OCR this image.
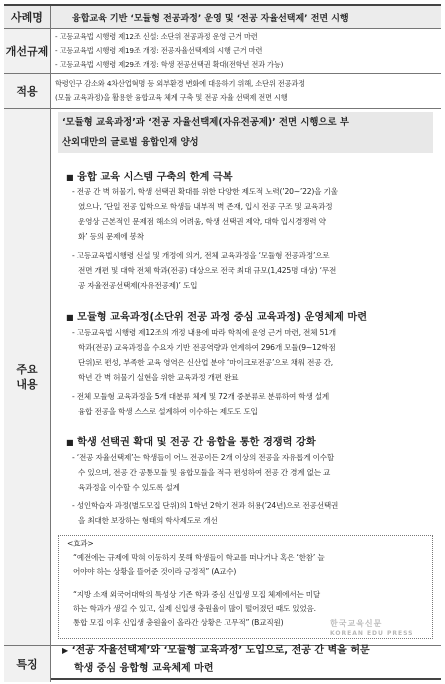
사례명	융합교육 기반 ‘모듈형 전공과정’ 운영 및 ‘전공 자율선택제’ 전면 시행
개선규제
- 고등교육법 시행령 제12조 신설: 소단위 전공과정 운영 근거 마련
- 고등교육법 시행령 제19조 개정: 전공자율선택제의 시행 근거 마련
- 고등교육법 시행령 제29조 개정: 학생 전공선택권 확대(전학년 전과 가능)
적용
학령인구 감소와 4차산업혁명 등 외부환경 변화에 대응하기 위해, 소단위 전공과정
(모듈 교육과정)을 활용한 융합교육 체계 구축 및 전공 자율 선택제 전면 시행
주요
내용
특징
‘모듈형 교육과정’과 ‘전공 자율선택제(자유전공제)’ 전면 시행으로 부
산외대만의 글로벌 융합인재 양성
■ 융합 교육 시스템 구축의 한계 극복
- 전공 간 벽 허물기, 학생 선택권 확대를 위한 다양한 제도적 노력(’20~’22)을 기울
였으나, ‘단일 전공 입학으로 학생들 내부적 벽 존재, 입시 전공 구조 및 교육과정
운영상 근본적인 문제점 해소의 어려움, 학생 선택권 제약, 대학 입시경쟁력 약
화’ 등의 문제에 봉착
- 고등교육법시행령 신설 및 개정에 의거, 전체 교육과정을 ‘모듈형 전공과정’으로
전면 개편 및 대학 전체 학과(전공) 대상으로 전국 최대 규모(1,425명 대상) ‘무전
공 자율전공선택제(자유전공제)’ 도입
■ 모듈형 교육과정(소단위 전공 과정 중심 교육과정) 운영체제 마련
- 고등교육법 시행령 제12조의 개정 내용에 따라 학칙에 운영 근거 마련, 전체 51개
학과(전공) 교육과정을 수요자 기반 전공역량과 연계하여 296개 모듈(9~12학점
단위)로 편성, 부족한 교육 영역은 신산업 분야 ‘마이크로전공’으로 채워 전공 간,
학년 간 벽 허물기 실현을 위한 교육과정 개편 완료
- 전체 모듈형 교육과정을 5개 대분류 체계 및 72개 중분류로 분류하여 학생 설계
융합 전공을 학생 스스로 설계하여 이수하는 제도도 도입
■ 학생 선택권 확대 및 전공 간 융합을 통한 경쟁력 강화
- ‘전공 자율선택제’는 학생들이 어느 전공이든 2개 이상의 전공을 자유롭게 이수할
수 있으며, 전공 간 공통모듈 및 융합모듈을 적극 편성하여 전공 간 경계 없는 교
육과정을 이수할 수 있도록 설계
- 성인학습자 과정(별도모집 단위)의 1학년 2학기 전과 허용(’24년)으로 전공선택권
을 최대한 보장하는 형태의 학사제도로 개선
<효과>
“예전에는 규제에 막혀 이동하지 못해 학생들이 학교를 떠나거나 혹은 ‘한참’ 늘
어야야 하는 상황을 뜰어준 것이라 긍정적” (A교수)
“지방 소재 외국어대학의 특성상 기존 학과 중심 신입생 모집 체제에서는 미달
하는 학과가 생길 수 있고, 실제 신입생 충원율이 많이 떨어졌던 때도 있었음.
통합 모집 이후 신입생 충원율이 올라간 상황은 고무적” (B교직원)
▶ ‘전공 자율선택제’와 ‘모듈형 교육과정’ 도입으로, 전공 간 벽을 허문
학생 중심 융합형 교육체제 마련
한국교육신문
KOREAN EDU PRESS
